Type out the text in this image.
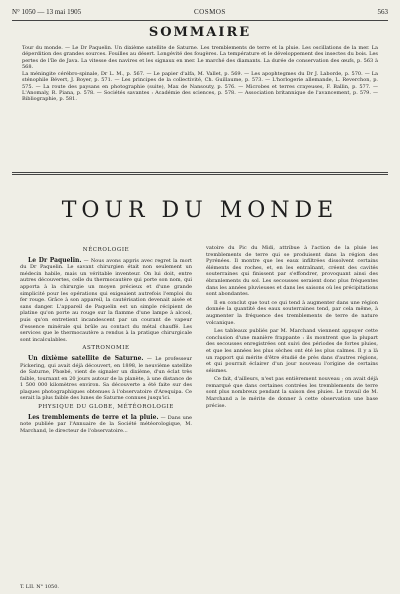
N° 1050 — 13 mai 1905	COSMOS	563
SOMMAIRE

Tour du monde. — Le Dr Paquelin. Un dixième satellite de Saturne. Les tremblements de terre et la pluie. Les oscillations de la mer. La déperdition des grandes sources. Fouilles au désert. Longévité des fougères. La température et le développement des insectes du bois. Les pertes de l'île de Java. La vitesse des navires et les signaux en mer. Le marché des diamants. La durée de conservation des œufs, p. 563 à 568.

La méningite cérébro-spinale, Dr L. M., p. 567. — Le papier d'alfa, M. Vallet, p. 569. — Les apophtegmes du Dr J. Laborde, p. 570. — La sténophile Bévert, J. Boyer, p. 571. — Les principes de la collectivité, Ch. Guillaume, p. 573. — L'horlogerie allemande, L. Reverchon, p. 575. — La route des paysans en photographie (suite), Max de Nansouty, p. 576. — Microbes et terres crayeuses, F. Ballin, p. 577. — L'Anomaly, R. Piana, p. 578. — Sociétés savantes : Académie des sciences, p. 578. — Association britannique de l'avancement, p. 579. — Bibliographie, p. 581.

TOUR DU MONDE
NÉCROLOGIE

Le Dr Paquelin. — Nous avons appris avec regret la mort du Dr Paquelin. Le savant chirurgien était non seulement un médecin habile, mais un véritable inventeur. On lui doit, entre autres découvertes, celle du thermocautère qui porte son nom, qui apporta à la chirurgie un moyen précieux et d'une grande simplicité pour les opérations qui exigeaient autrefois l'emploi du fer rouge. Grâce à son appareil, la cautérisation devenait aisée et sans danger. L'appareil de Paquelin est un simple récipient de platine qu'on porte au rouge sur la flamme d'une lampe à alcool, puis qu'on entretient incandescent par un courant de vapeur d'essence minérale qui brûle au contact du métal chauffé. Les services que le thermocautère a rendus à la pratique chirurgicale sont incalculables.

ASTRONOMIE

Un dixième satellite de Saturne. — Le professeur Pickering, qui avait déjà découvert, en 1898, le neuvième satellite de Saturne, Phœbé, vient de signaler un dixième, d'un éclat très faible, tournant en 20 jours autour de la planète, à une distance de 1 500 000 kilomètres environ. Sa découverte a été faite sur des plaques photographiques obtenues à l'observatoire d'Arequipa. Ce serait la plus faible des lunes de Saturne connues jusqu'ici.

PHYSIQUE DU GLOBE, MÉTÉOROLOGIE

Les tremblements de terre et la pluie. — Dans une note publiée par l'Annuaire de la Société météorologique, M. Marchand, le directeur de l'observatoire...

vatoire du Pic du Midi, attribue à l'action de la pluie les tremblements de terre qui se produisent dans la région des Pyrénées. Il montre que les eaux infiltrées dissolvent certains éléments des roches, et, en les entraînant, créent des cavités souterraines qui finissent par s'effondrer, provoquant ainsi des ébranlements du sol. Les secousses seraient donc plus fréquentes dans les années pluvieuses et dans les saisons où les précipitations sont abondantes.

Il en conclut que tout ce qui tend à augmenter dans une région donnée la quantité des eaux souterraines tend, par cela même, à augmenter la fréquence des tremblements de terre de nature volcanique.

Les tableaux publiés par M. Marchand viennent appuyer cette conclusion d'une manière frappante : ils montrent que la plupart des secousses enregistrées ont suivi des périodes de fortes pluies, et que les années les plus sèches ont été les plus calmes. Il y a là un rapport qui mérite d'être étudié de près dans d'autres régions, et qui pourrait éclairer d'un jour nouveau l'origine de certains séismes.

Ce fait, d'ailleurs, n'est pas entièrement nouveau ; on avait déjà remarqué que dans certaines contrées les tremblements de terre sont plus nombreux pendant la saison des pluies. Le travail de M. Marchand a le mérite de donner à cette observation une base précise.

T. LII. N° 1050.
